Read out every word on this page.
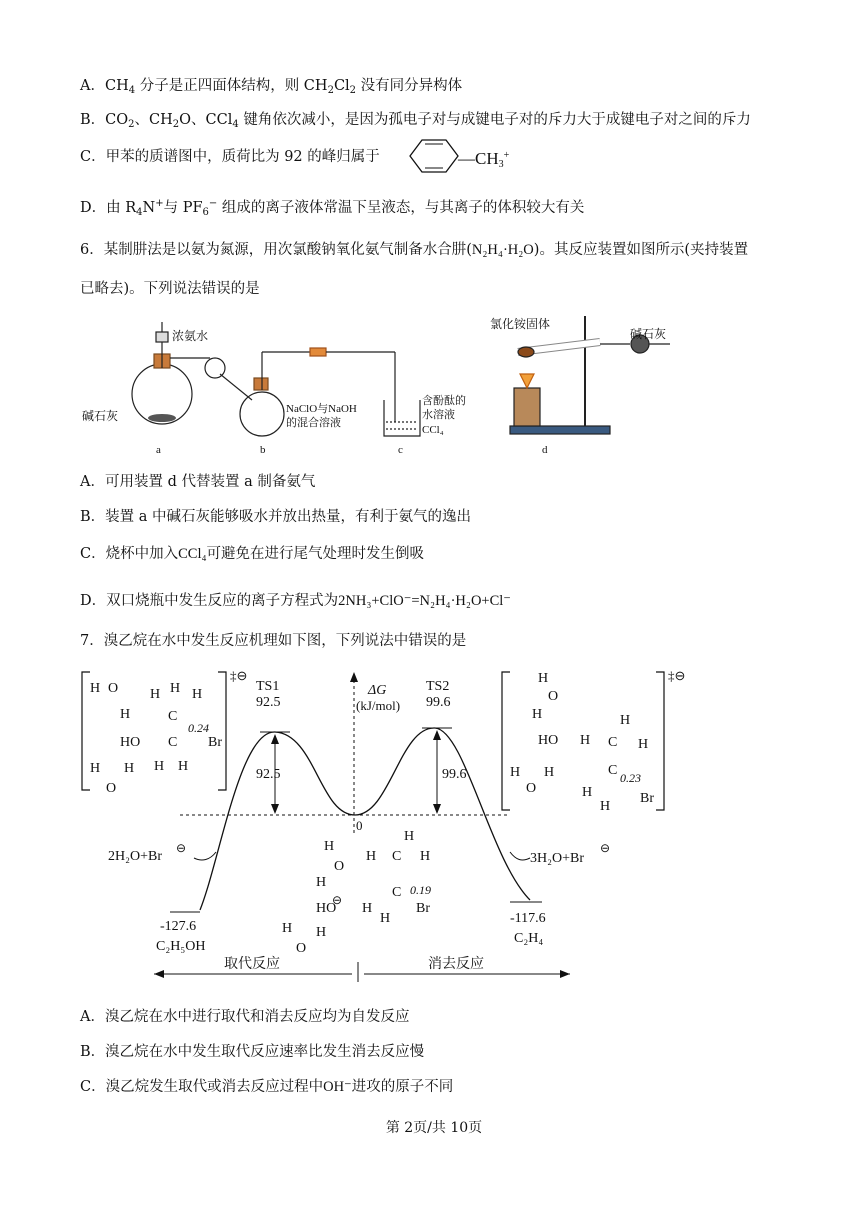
A．$CH_4$ 分子是正四面体结构，则 $CH_2Cl_2$ 没有同分异构体
B．$CO_2$、$CH_2O$、CCl$_4$ 键角依次减小，是因为孤电子对与成键电子对的斥力大于成键电子对之间的斥力
C．甲苯的质谱图中，质荷比为 92 的峰归属于	$—CH_3^+$
D．由 $R_4N^+$与 $PF_6^-$ 组成的离子液体常温下呈液态，与其离子的体积较大有关
6．某制肼法是以氨为氮源，用次氯酸钠氧化氨气制备水合肼(N₂H₄·H₂O)。其反应装置如图所示(夹持装置
已略去)。下列说法错误的是
浓氨水
碱石灰	NaClO与NaOH
的混合溶液
含酚酞的
水溶液
CCl₄
氯化铵固体
碱石灰
a	b	c	d
A．可用装置 d 代替装置 a 制备氨气
B．装置 a 中碱石灰能够吸水并放出热量，有利于氨气的逸出
C．烧杯中加入CCl₄可避免在进行尾气处理时发生倒吸
D．双口烧瓶中发生反应的离子方程式为2NH₃+ClO⁻=N₂H₄·H₂O+Cl⁻
7．溴乙烷在水中发生反应机理如下图，下列说法中错误的是
‡⊖
H O
H
HO
C
C
H
H H
Br
H H
H
O
H
0.24
‡⊖
H
O
H
HO H C
H
H
C 0.23
H
H
Br
H
O
H
ΔG
(kJ/mol)
0
TS1
92.5
92.5
TS2
99.6
99.6
2H₂O+Br
⊖
3H₂O+Br
⊖
-127.6
C₂H₅OH
-117.6
C₂H₄
H
O
H
HO
⊖
H
H C
H
H
C 0.19
H
Br
H
O
H
取代反应	消去反应
A．溴乙烷在水中进行取代和消去反应均为自发反应
B．溴乙烷在水中发生取代反应速率比发生消去反应慢
C．溴乙烷发生取代或消去反应过程中OH⁻进攻的原子不同
第 2页/共 10页
